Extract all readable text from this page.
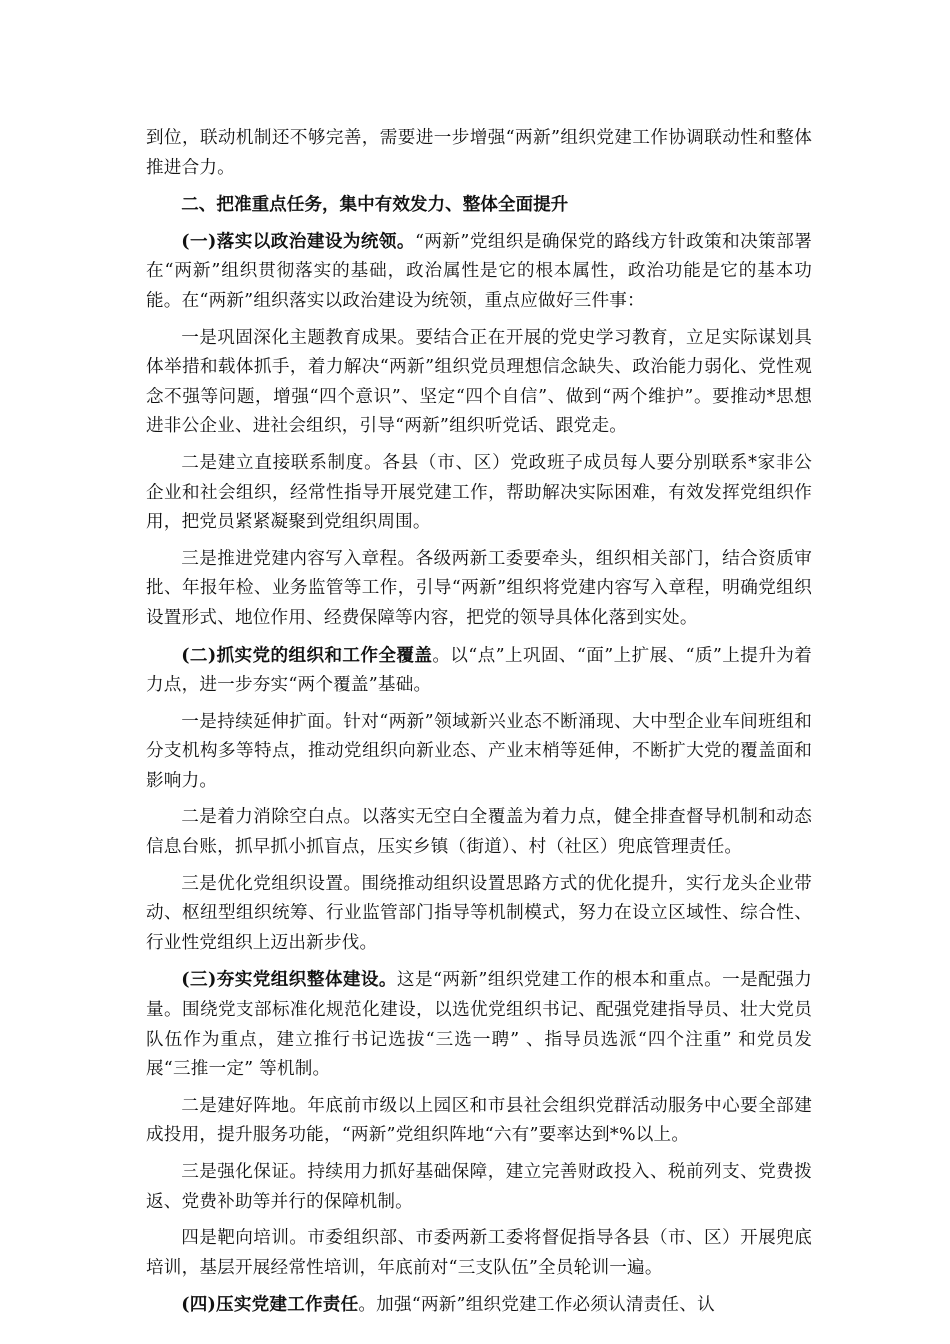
到位，联动机制还不够完善，需要进一步增强“两新”组织党建工作协调联动性和整体推进合力。

二、把准重点任务，集中有效发力、整体全面提升

(一)落实以政治建设为统领。“两新”党组织是确保党的路线方针政策和决策部署在“两新”组织贯彻落实的基础，政治属性是它的根本属性，政治功能是它的基本功能。在“两新”组织落实以政治建设为统领，重点应做好三件事：

一是巩固深化主题教育成果。要结合正在开展的党史学习教育，立足实际谋划具体举措和载体抓手，着力解决“两新”组织党员理想信念缺失、政治能力弱化、党性观念不强等问题，增强“四个意识”、坚定“四个自信”、做到“两个维护”。要推动*思想进非公企业、进社会组织，引导“两新”组织听党话、跟党走。

二是建立直接联系制度。各县（市、区）党政班子成员每人要分别联系*家非公企业和社会组织，经常性指导开展党建工作，帮助解决实际困难，有效发挥党组织作用，把党员紧紧凝聚到党组织周围。

三是推进党建内容写入章程。各级两新工委要牵头，组织相关部门，结合资质审批、年报年检、业务监管等工作，引导“两新”组织将党建内容写入章程，明确党组织设置形式、地位作用、经费保障等内容，把党的领导具体化落到实处。

(二)抓实党的组织和工作全覆盖。以“点”上巩固、“面”上扩展、“质”上提升为着力点，进一步夯实“两个覆盖”基础。

一是持续延伸扩面。针对“两新”领域新兴业态不断涌现、大中型企业车间班组和分支机构多等特点，推动党组织向新业态、产业末梢等延伸，不断扩大党的覆盖面和影响力。

二是着力消除空白点。以落实无空白全覆盖为着力点，健全排查督导机制和动态信息台账，抓早抓小抓盲点，压实乡镇（街道）、村（社区）兜底管理责任。

三是优化党组织设置。围绕推动组织设置思路方式的优化提升，实行龙头企业带动、枢纽型组织统筹、行业监管部门指导等机制模式，努力在设立区域性、综合性、行业性党组织上迈出新步伐。

(三)夯实党组织整体建设。这是“两新”组织党建工作的根本和重点。一是配强力量。围绕党支部标准化规范化建设，以选优党组织书记、配强党建指导员、壮大党员队伍作为重点，建立推行书记选拔“三选一聘” 、指导员选派“四个注重” 和党员发展“三推一定” 等机制。

二是建好阵地。年底前市级以上园区和市县社会组织党群活动服务中心要全部建成投用，提升服务功能，“两新”党组织阵地“六有”要率达到*%以上。

三是强化保证。持续用力抓好基础保障，建立完善财政投入、税前列支、党费拨返、党费补助等并行的保障机制。

四是靶向培训。市委组织部、市委两新工委将督促指导各县（市、区）开展兜底培训，基层开展经常性培训，年底前对“三支队伍”全员轮训一遍。

(四)压实党建工作责任。加强“两新”组织党建工作必须认清责任、认
